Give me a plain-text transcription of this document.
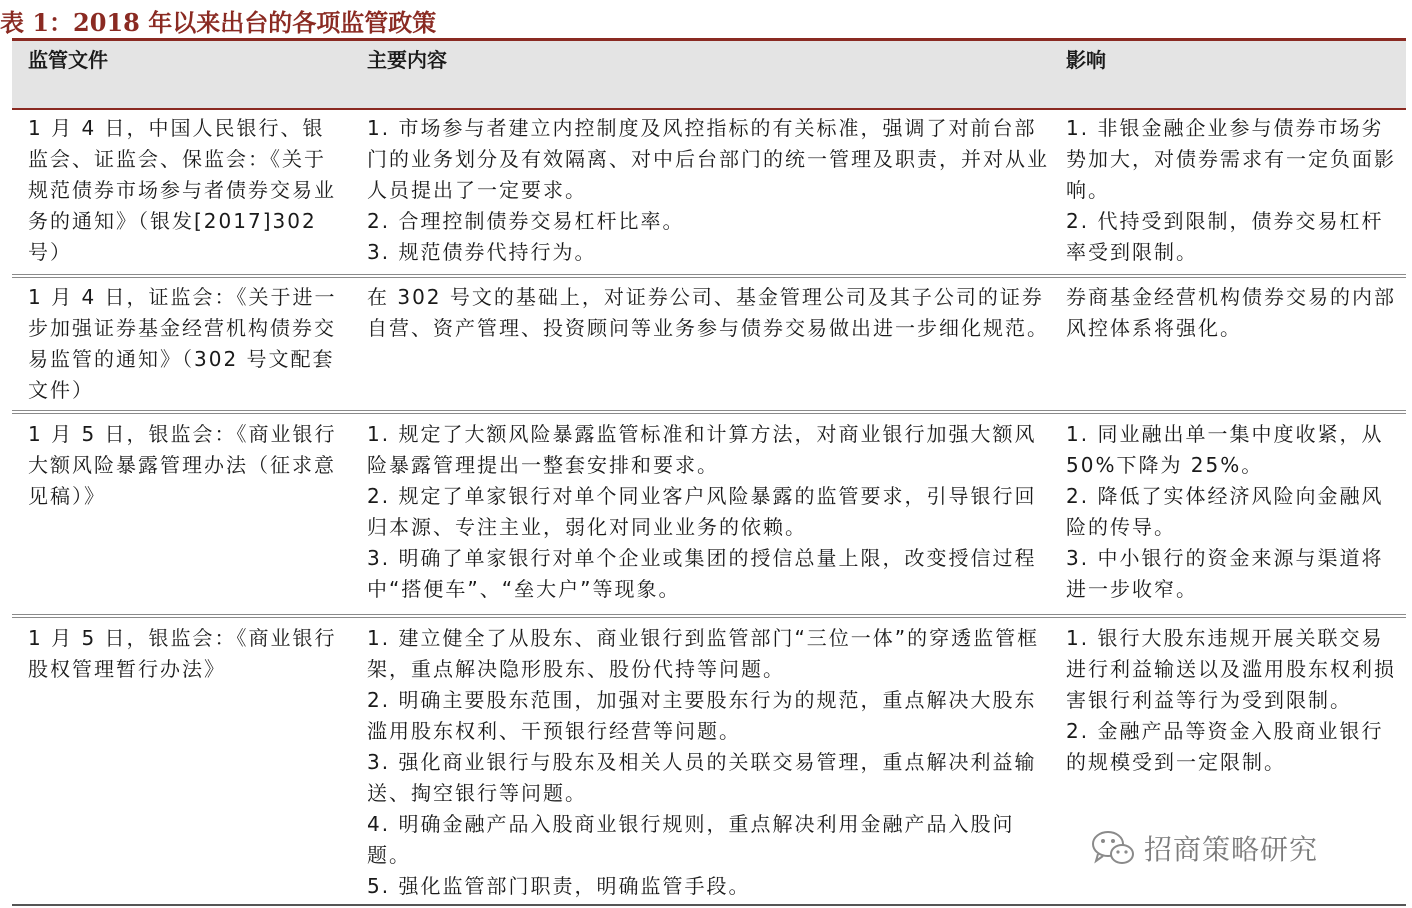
表 1：2018 年以来出台的各项监管政策
监管文件	主要内容	影响
1 月 4 日，中国人民银行、银监会、证监会、保监会：《关于规范债券市场参与者债券交易业务的通知》（银发[2017]302 号）

1. 市场参与者建立内控制度及风控指标的有关标准，强调了对前台部门的业务划分及有效隔离、对中后台部门的统一管理及职责，并对从业人员提出了一定要求。

2. 合理控制债券交易杠杆比率。

3. 规范债券代持行为。

1. 非银金融企业参与债券市场劣势加大，对债券需求有一定负面影响。

2. 代持受到限制，债券交易杠杆率受到限制。

1 月 4 日，证监会：《关于进一步加强证券基金经营机构债券交易监管的通知》（302 号文配套文件）

在 302 号文的基础上，对证券公司、基金管理公司及其子公司的证券自营、资产管理、投资顾问等业务参与债券交易做出进一步细化规范。

券商基金经营机构债券交易的内部风控体系将强化。

1 月 5 日，银监会：《商业银行大额风险暴露管理办法（征求意见稿）》

1. 规定了大额风险暴露监管标准和计算方法，对商业银行加强大额风险暴露管理提出一整套安排和要求。

2. 规定了单家银行对单个同业客户风险暴露的监管要求，引导银行回归本源、专注主业，弱化对同业业务的依赖。

3. 明确了单家银行对单个企业或集团的授信总量上限，改变授信过程中“搭便车”、“垒大户”等现象。

1. 同业融出单一集中度收紧，从 50%下降为 25%。

2. 降低了实体经济风险向金融风险的传导。

3. 中小银行的资金来源与渠道将进一步收窄。

1 月 5 日，银监会：《商业银行股权管理暂行办法》

1. 建立健全了从股东、商业银行到监管部门“三位一体”的穿透监管框架，重点解决隐形股东、股份代持等问题。

2. 明确主要股东范围，加强对主要股东行为的规范，重点解决大股东滥用股东权利、干预银行经营等问题。

3. 强化商业银行与股东及相关人员的关联交易管理，重点解决利益输送、掏空银行等问题。

4. 明确金融产品入股商业银行规则，重点解决利用金融产品入股问题。

5. 强化监管部门职责，明确监管手段。

1. 银行大股东违规开展关联交易进行利益输送以及滥用股东权利损害银行利益等行为受到限制。

2. 金融产品等资金入股商业银行的规模受到一定限制。

招商策略研究
